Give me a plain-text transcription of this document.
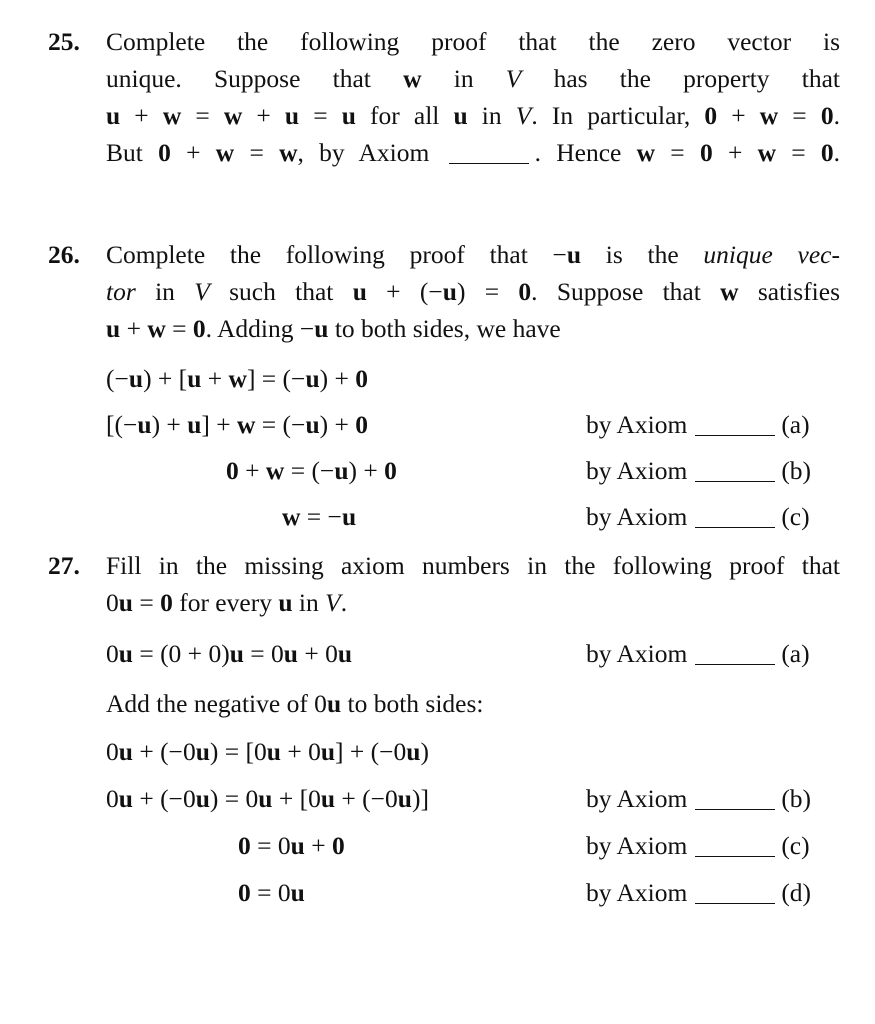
25. Complete the following proof that the zero vector is
unique. Suppose that w in V has the property that
u + w = w + u = u for all u in V. In particular, 0 + w = 0.
But 0 + w = w, by Axiom	. Hence w = 0 + w = 0.
26. Complete the following proof that −u is the unique vec-
tor in V such that u + (−u) = 0. Suppose that w satisfies
u + w = 0. Adding −u to both sides, we have
(−u) + [u + w] = (−u) + 0
[(−u) + u] + w = (−u) + 0	by Axiom	(a)
0 + w = (−u) + 0	by Axiom	(b)
w = −u	by Axiom	(c)
27. Fill in the missing axiom numbers in the following proof that
0u = 0 for every u in V.
0u = (0 + 0)u = 0u + 0u	by Axiom	(a)
Add the negative of 0u to both sides:
0u + (−0u) = [0u + 0u] + (−0u)
0u + (−0u) = 0u + [0u + (−0u)]	by Axiom	(b)
0 = 0u + 0	by Axiom	(c)
0 = 0u	by Axiom	(d)
